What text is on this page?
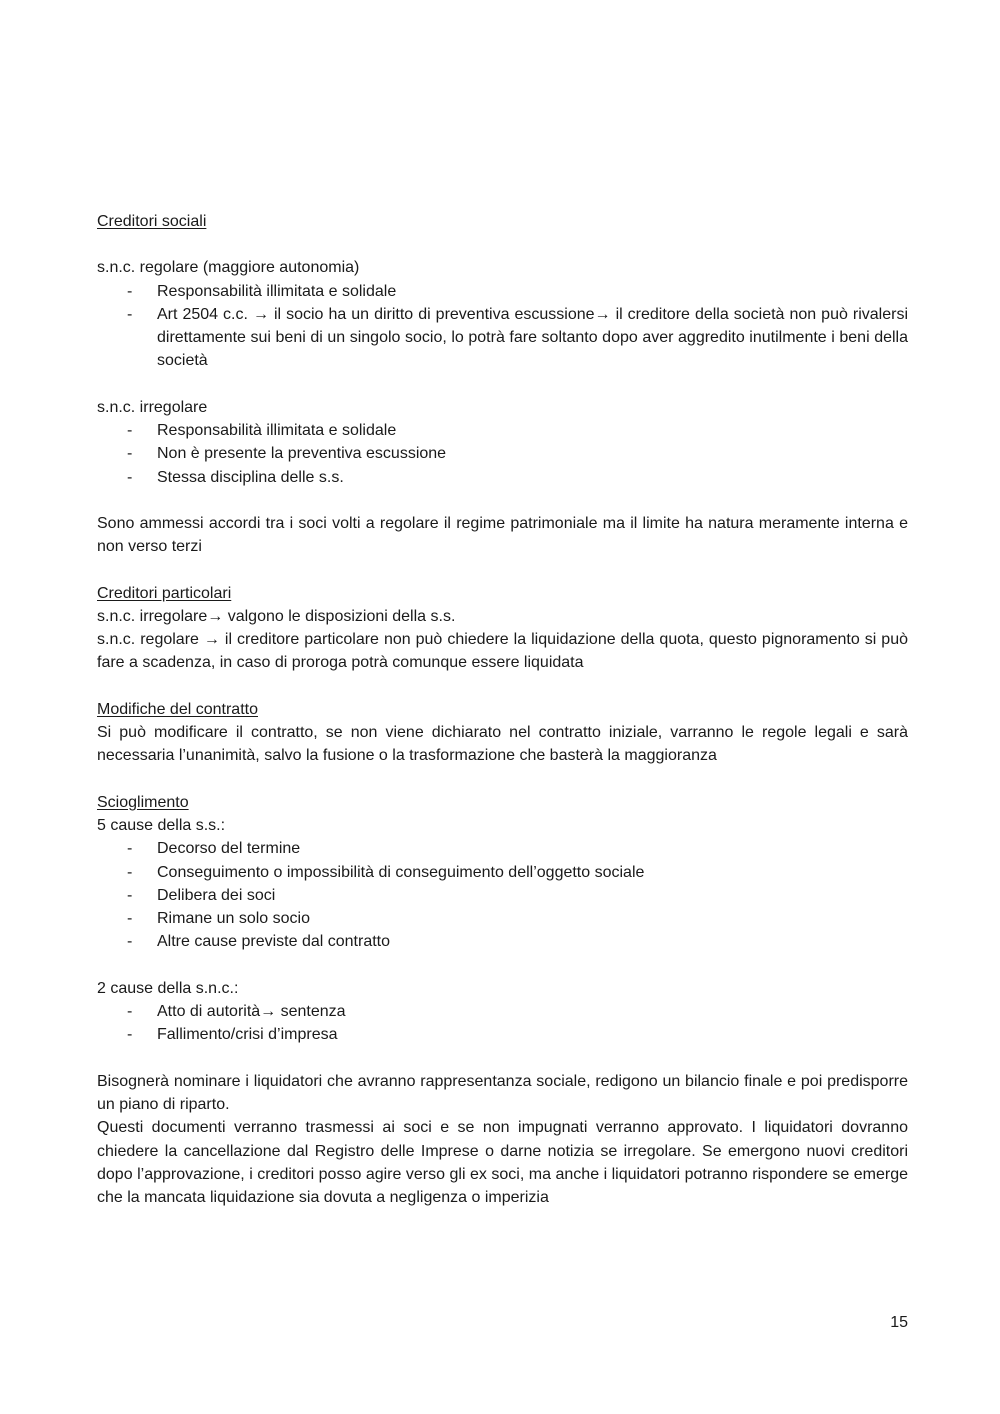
Creditori sociali
s.n.c. regolare (maggiore autonomia)
- Responsabilità illimitata e solidale
- Art 2504 c.c. → il socio ha un diritto di preventiva escussione→ il creditore della società non può rivalersi direttamente sui beni di un singolo socio, lo potrà fare soltanto dopo aver aggredito inutilmente i beni della società
s.n.c. irregolare
- Responsabilità illimitata e solidale
- Non è presente la preventiva escussione
- Stessa disciplina delle s.s.

Sono ammessi accordi tra i soci volti a regolare il regime patrimoniale ma il limite ha natura meramente interna e non verso terzi

Creditori particolari

s.n.c. irregolare→ valgono le disposizioni della s.s.

s.n.c. regolare → il creditore particolare non può chiedere la liquidazione della quota, questo pignoramento si può fare a scadenza, in caso di proroga potrà comunque essere liquidata

Modifiche del contratto

Si può modificare il contratto, se non viene dichiarato nel contratto iniziale, varranno le regole legali e sarà necessaria l’unanimità, salvo la fusione o la trasformazione che basterà la maggioranza

Scioglimento
5 cause della s.s.:
- Decorso del termine
- Conseguimento o impossibilità di conseguimento dell’oggetto sociale
- Delibera dei soci
- Rimane un solo socio
- Altre cause previste dal contratto
2 cause della s.n.c.:
- Atto di autorità→ sentenza
- Fallimento/crisi d’impresa

Bisognerà nominare i liquidatori che avranno rappresentanza sociale, redigono un bilancio finale e poi predisporre un piano di riparto.

Questi documenti verranno trasmessi ai soci e se non impugnati verranno approvato. I liquidatori dovranno chiedere la cancellazione dal Registro delle Imprese o darne notizia se irregolare. Se emergono nuovi creditori dopo l’approvazione, i creditori posso agire verso gli ex soci, ma anche i liquidatori potranno rispondere se emerge che la mancata liquidazione sia dovuta a negligenza o imperizia

15
